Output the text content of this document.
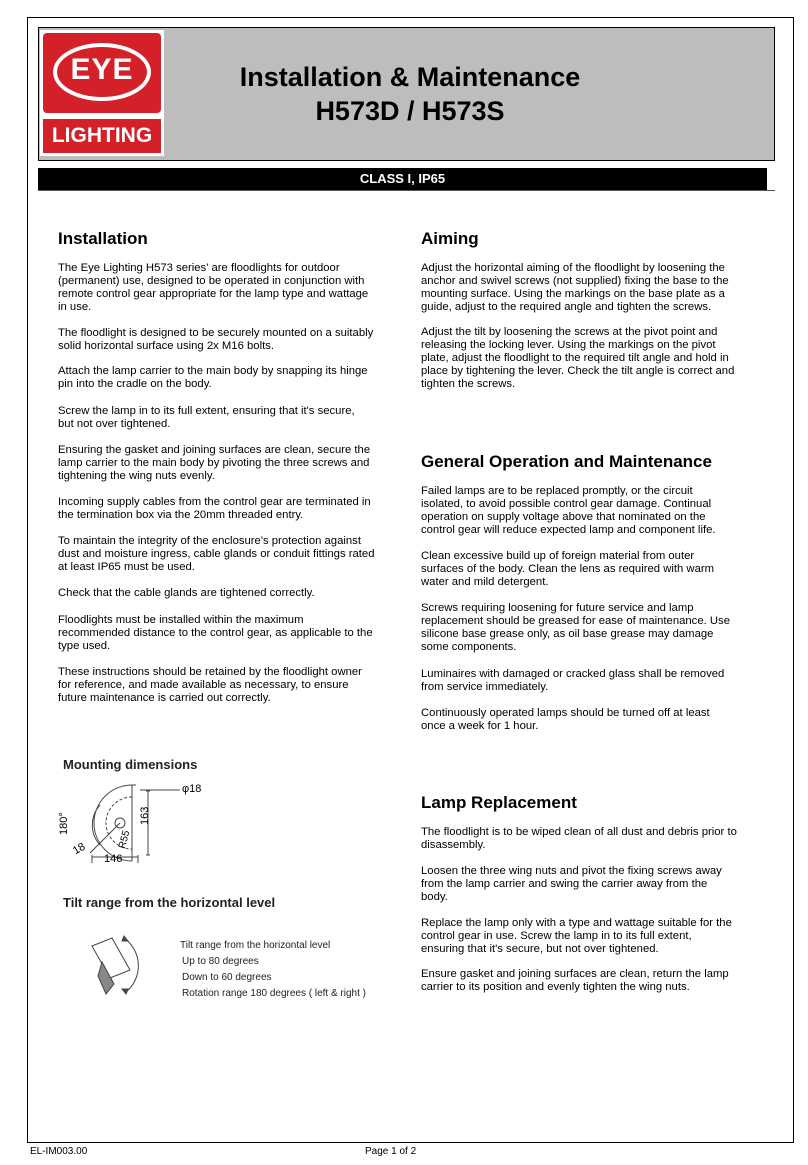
EYE
LIGHTING
Installation & Maintenance
H573D / H573S
CLASS I, IP65
Installation

The Eye Lighting H573 series' are floodlights for outdoor (permanent) use, designed to be operated in conjunction with remote control gear appropriate for the lamp type and wattage in use.

The floodlight is designed to be securely mounted on a suitably solid horizontal surface using 2x M16 bolts.

Attach the lamp carrier to the main body by snapping its hinge pin into the cradle on the body.

Screw the lamp in to its full extent, ensuring that it's secure, but not over tightened.

Ensuring the gasket and joining surfaces are clean, secure the lamp carrier to the main body by pivoting the three screws and tightening the wing nuts evenly.

Incoming supply cables from the control gear are terminated in the termination box via the 20mm threaded entry.

To maintain the integrity of the enclosure's protection against dust and moisture ingress, cable glands or conduit fittings rated at least IP65 must be used.

Check that the cable glands are tightened correctly.

Floodlights must be installed within the maximum recommended distance to the control gear, as applicable to the type used.

These instructions should be retained by the floodlight owner for reference, and made available as necessary, to ensure future maintenance is carried out correctly.

Mounting dimensions
φ18
180°	163
R55
18
146
Tilt range from the horizontal level
Tilt range from the horizontal level
Up to 80 degrees
Down to 60 degrees
Rotation range 180 degrees ( left & right )
Aiming

Adjust the horizontal aiming of the floodlight by loosening the anchor and swivel screws (not supplied) fixing the base to the mounting surface. Using the markings on the base plate as a guide, adjust to the required angle and tighten the screws.

Adjust the tilt by loosening the screws at the pivot point and releasing the locking lever. Using the markings on the pivot plate, adjust the floodlight to the required tilt angle and hold in place by tightening the lever. Check the tilt angle is correct and tighten the screws.

General Operation and Maintenance

Failed lamps are to be replaced promptly, or the circuit isolated, to avoid possible control gear damage. Continual operation on supply voltage above that nominated on the control gear will reduce expected lamp and component life.

Clean excessive build up of foreign material from outer surfaces of the body. Clean the lens as required with warm water and mild detergent.

Screws requiring loosening for future service and lamp replacement should be greased for ease of maintenance. Use silicone base grease only, as oil base grease may damage some components.

Luminaires with damaged or cracked glass shall be removed from service immediately.

Continuously operated lamps should be turned off at least once a week for 1 hour.

Lamp Replacement

The floodlight is to be wiped clean of all dust and debris prior to disassembly.

Loosen the three wing nuts and pivot the fixing screws away from the lamp carrier and swing the carrier away from the body.

Replace the lamp only with a type and wattage suitable for the control gear in use. Screw the lamp in to its full extent, ensuring that it's secure, but not over tightened.

Ensure gasket and joining surfaces are clean, return the lamp carrier to its position and evenly tighten the wing nuts.

EL-IM003.00	Page 1 of 2
